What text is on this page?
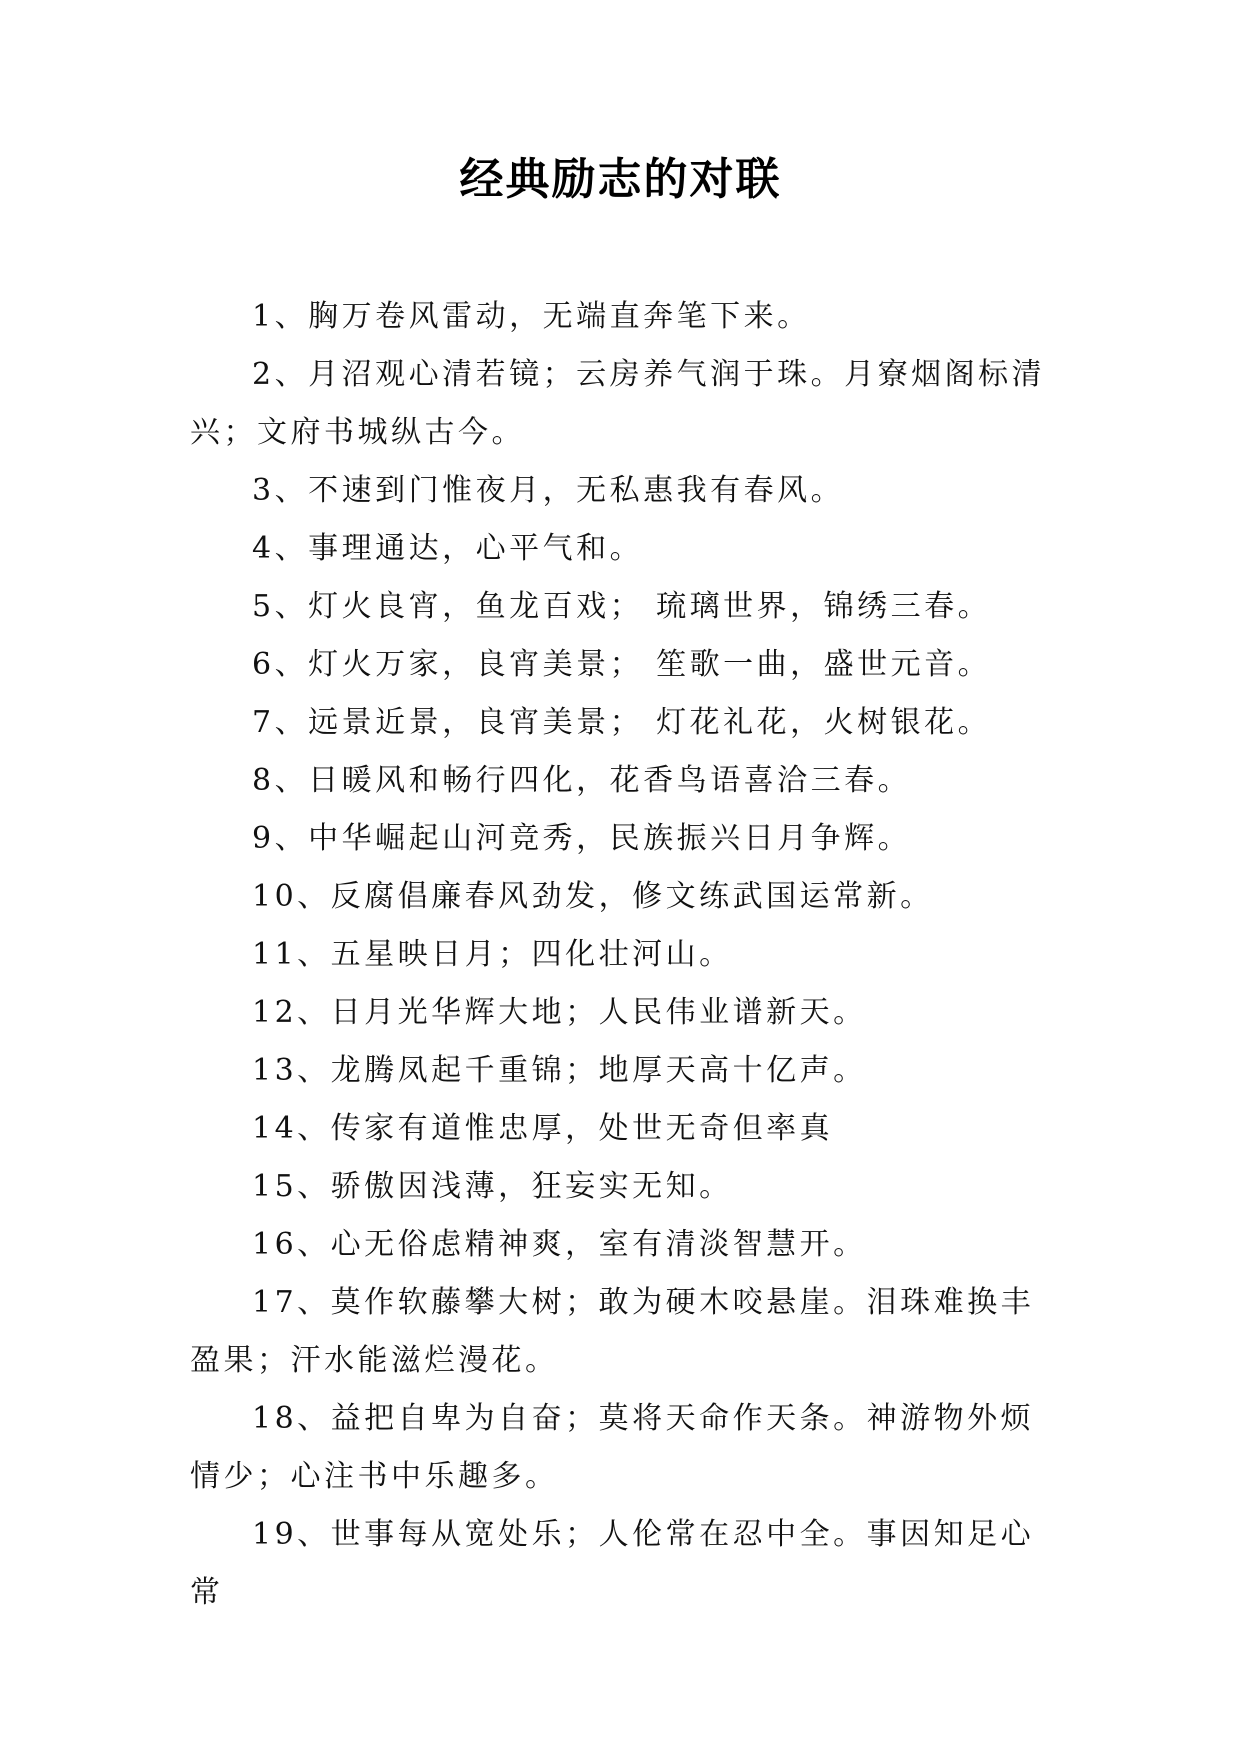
经典励志的对联

1、胸万卷风雷动，无端直奔笔下来。

2、月沼观心清若镜；云房养气润于珠。月寮烟阁标清兴；文府书城纵古今。

3、不速到门惟夜月，无私惠我有春风。

4、事理通达，心平气和。

5、灯火良宵，鱼龙百戏； 琉璃世界，锦绣三春。

6、灯火万家，良宵美景； 笙歌一曲，盛世元音。

7、远景近景，良宵美景； 灯花礼花，火树银花。

8、日暖风和畅行四化，花香鸟语喜洽三春。

9、中华崛起山河竞秀，民族振兴日月争辉。

10、反腐倡廉春风劲发，修文练武国运常新。

11、五星映日月；四化壮河山。

12、日月光华辉大地；人民伟业谱新天。

13、龙腾凤起千重锦；地厚天高十亿声。

14、传家有道惟忠厚，处世无奇但率真

15、骄傲因浅薄，狂妄实无知。

16、心无俗虑精神爽，室有清淡智慧开。

17、莫作软藤攀大树；敢为硬木咬悬崖。泪珠难换丰盈果；汗水能滋烂漫花。

18、益把自卑为自奋；莫将天命作天条。神游物外烦情少；心注书中乐趣多。

19、世事每从宽处乐；人伦常在忍中全。事因知足心常
